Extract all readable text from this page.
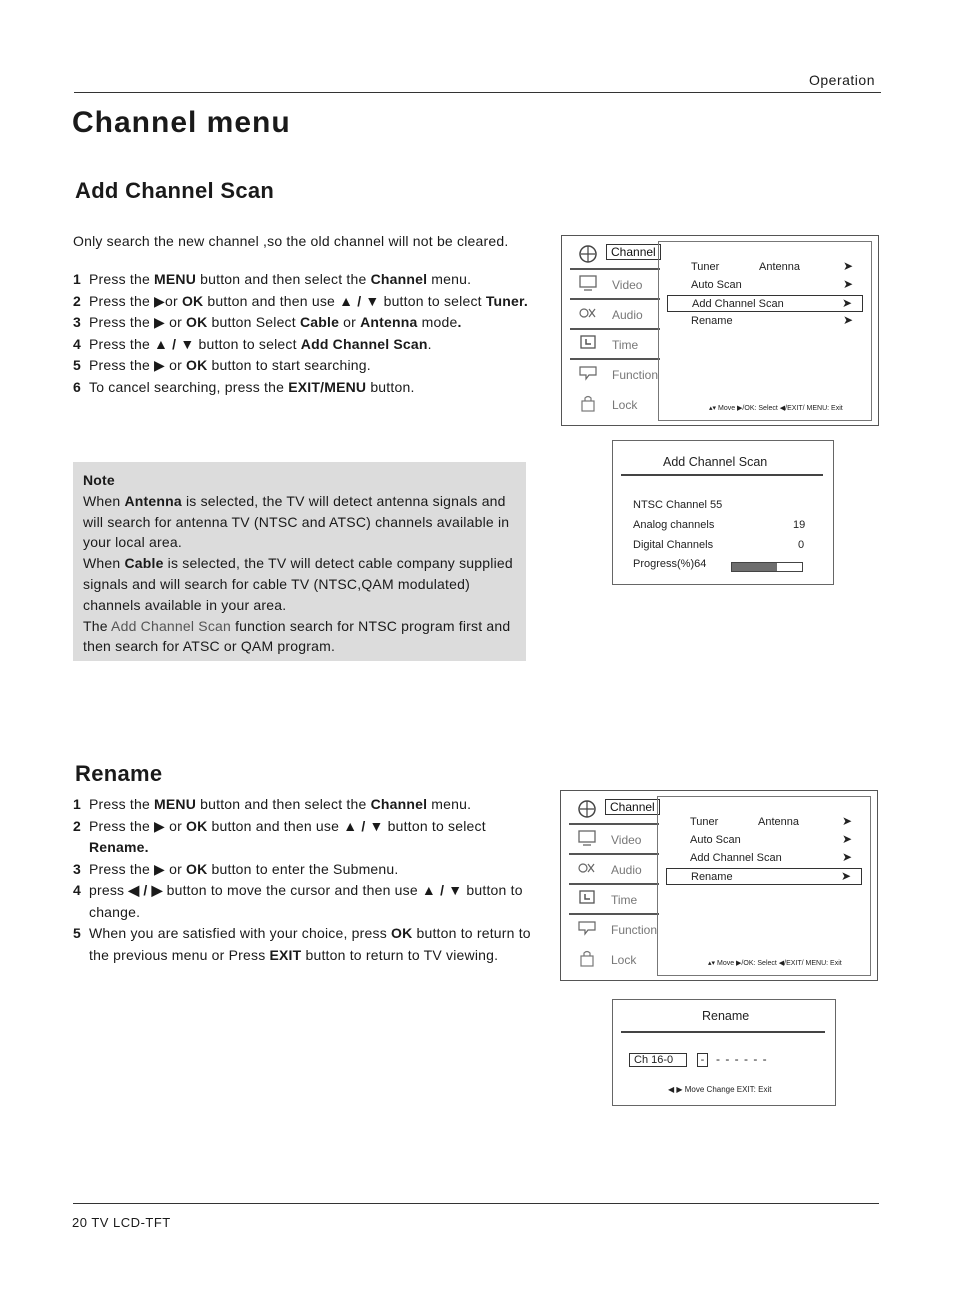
Operation
Channel menu
Add Channel Scan
Only search the new channel ,so the old channel will not be cleared.
1 Press the MENU button and then select the Channel menu.
2 Press the ▶or OK button and then use ▲ / ▼ button to select Tuner.
3 Press the ▶ or OK button Select Cable or Antenna mode.
4 Press the ▲ / ▼ button to select Add Channel Scan.
5 Press the ▶ or OK button to start searching.
6 To cancel searching, press the EXIT/MENU button.
Note
When Antenna is selected, the TV will detect antenna signals and will search for antenna TV (NTSC and ATSC) channels available in your local area.
When Cable is selected, the TV will detect cable company supplied signals and will search for cable TV (NTSC,QAM modulated) channels available in your area.
The Add Channel Scan function search for NTSC program first and then search for ATSC or QAM program.
Channel
Video
Audio
Time
Function
Lock
Tuner	Antenna	➤
Auto Scan	➤
Add Channel Scan	➤
Rename	➤
▴▾ Move ▶/OK: Select ◀/EXIT/ MENU: Exit
Add Channel Scan
NTSC Channel 55
Analog channels	19
Digital Channels	0
Progress(%)64
Rename
1 Press the MENU button and then select the Channel menu.
2 Press the ▶ or OK button and then use ▲ / ▼ button to select Rename.
3 Press the ▶ or OK button to enter the Submenu.
4 press ◀ / ▶ button to move the cursor and then use ▲ / ▼ button to change.
5 When you are satisfied with your choice, press OK button to return to the previous menu or Press EXIT button to return to TV viewing.
Channel
Video
Audio
Time
Function
Lock
Tuner	Antenna	➤
Auto Scan	➤
Add Channel Scan	➤
Rename	➤
▴▾ Move ▶/OK: Select ◀/EXIT/ MENU: Exit
Rename
Ch 16-0	- - - - - - -
◀ ▶ Move Change EXIT: Exit
20 TV LCD-TFT
